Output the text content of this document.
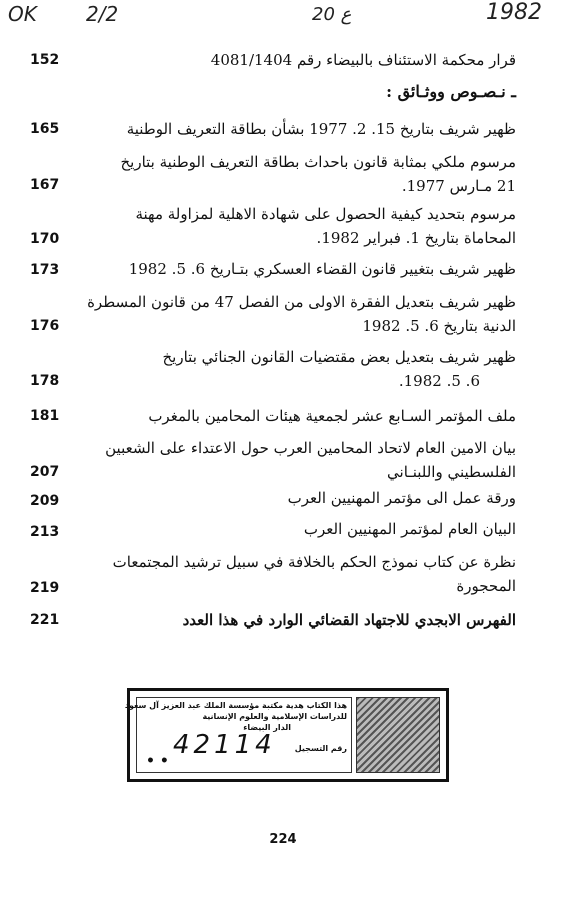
OK 2/2	20 ع	1982
قرار محكمة الاستئناف بالبيضاء رقم 4081/1404
152
ـ نـصـوص ووثـائق :
ظهير شريف بتاريخ 15. 2. 1977 بشأن بطاقة التعريف الوطنية
165
مرسوم ملكي بمثابة قانون باحداث بطاقة التعريف الوطنية بتاريخ
21 مـارس 1977.
167
مرسوم بتحديد كيفية الحصول على شهادة الاهلية لمزاولة مهنة
المحاماة بتاريخ 1. فبراير 1982.
170
ظهير شريف بتغيير قانون القضاء العسكري بتـاريخ 6. 5. 1982
173
ظهير شريف بتعديل الفقرة الاولى من الفصل 47 من قانون المسطرة
الدنية بتاريخ 6. 5. 1982
176
ظهير شريف بتعديل بعض مقتضيات القانون الجنائي بتاريخ
6. 5. 1982.
178
ملف المؤتمر السـابع عشر لجمعية هيئات المحامين بالمغرب
181
بيان الامين العام لاتحاد المحامين العرب حول الاعتداء على الشعبين
الفلسطيني واللبنـاني
207
ورقة عمل الى مؤتمر المهنيين العرب
209
البيان العام لمؤتمر المهنيين العرب
213
نظرة عن كتاب نموذج الحكم بالخلافة في سبيل ترشيد المجتمعات
المحجورة
219
الفهرس الابجدي للاجتهاد القضائي الوارد في هذا العدد
221
هذا الكتاب هدية مكتبة مؤسسة الملك عبد العزيز آل سعود
للدراسات الإسلامية والعلوم الإنسانية
الدار البيضاء
رقم التسجيل
42114
• •
224
